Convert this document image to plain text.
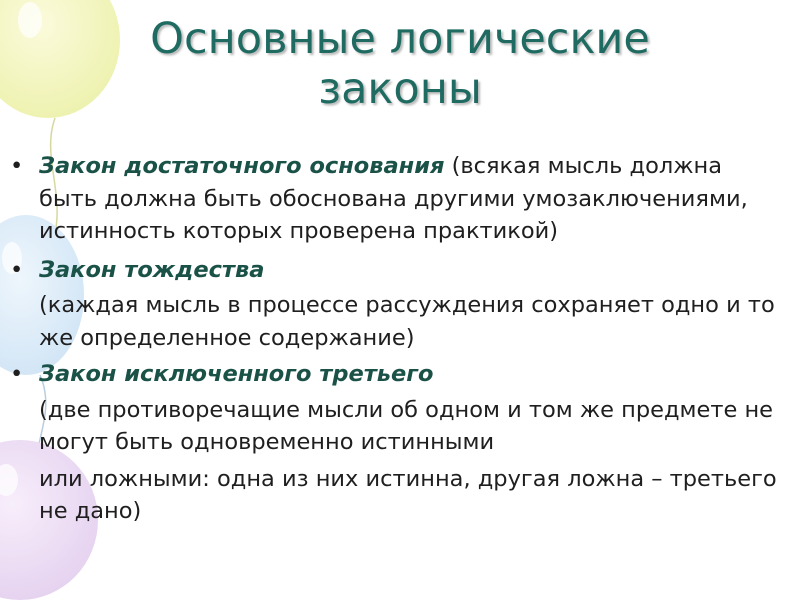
Основные логические
законы
• Закон достаточного основания (всякая мысль должна быть должна быть обоснована другими умозаключениями, истинность которых проверена практикой)
• Закон тождества

(каждая мысль в процессе рассуждения сохраняет одно и то же определенное содержание)

• Закон исключенного третьего

(две противоречащие мысли об одном и том же предмете не могут быть одновременно истинными

или ложными: одна из них истинна, другая ложна – третьего не дано)
